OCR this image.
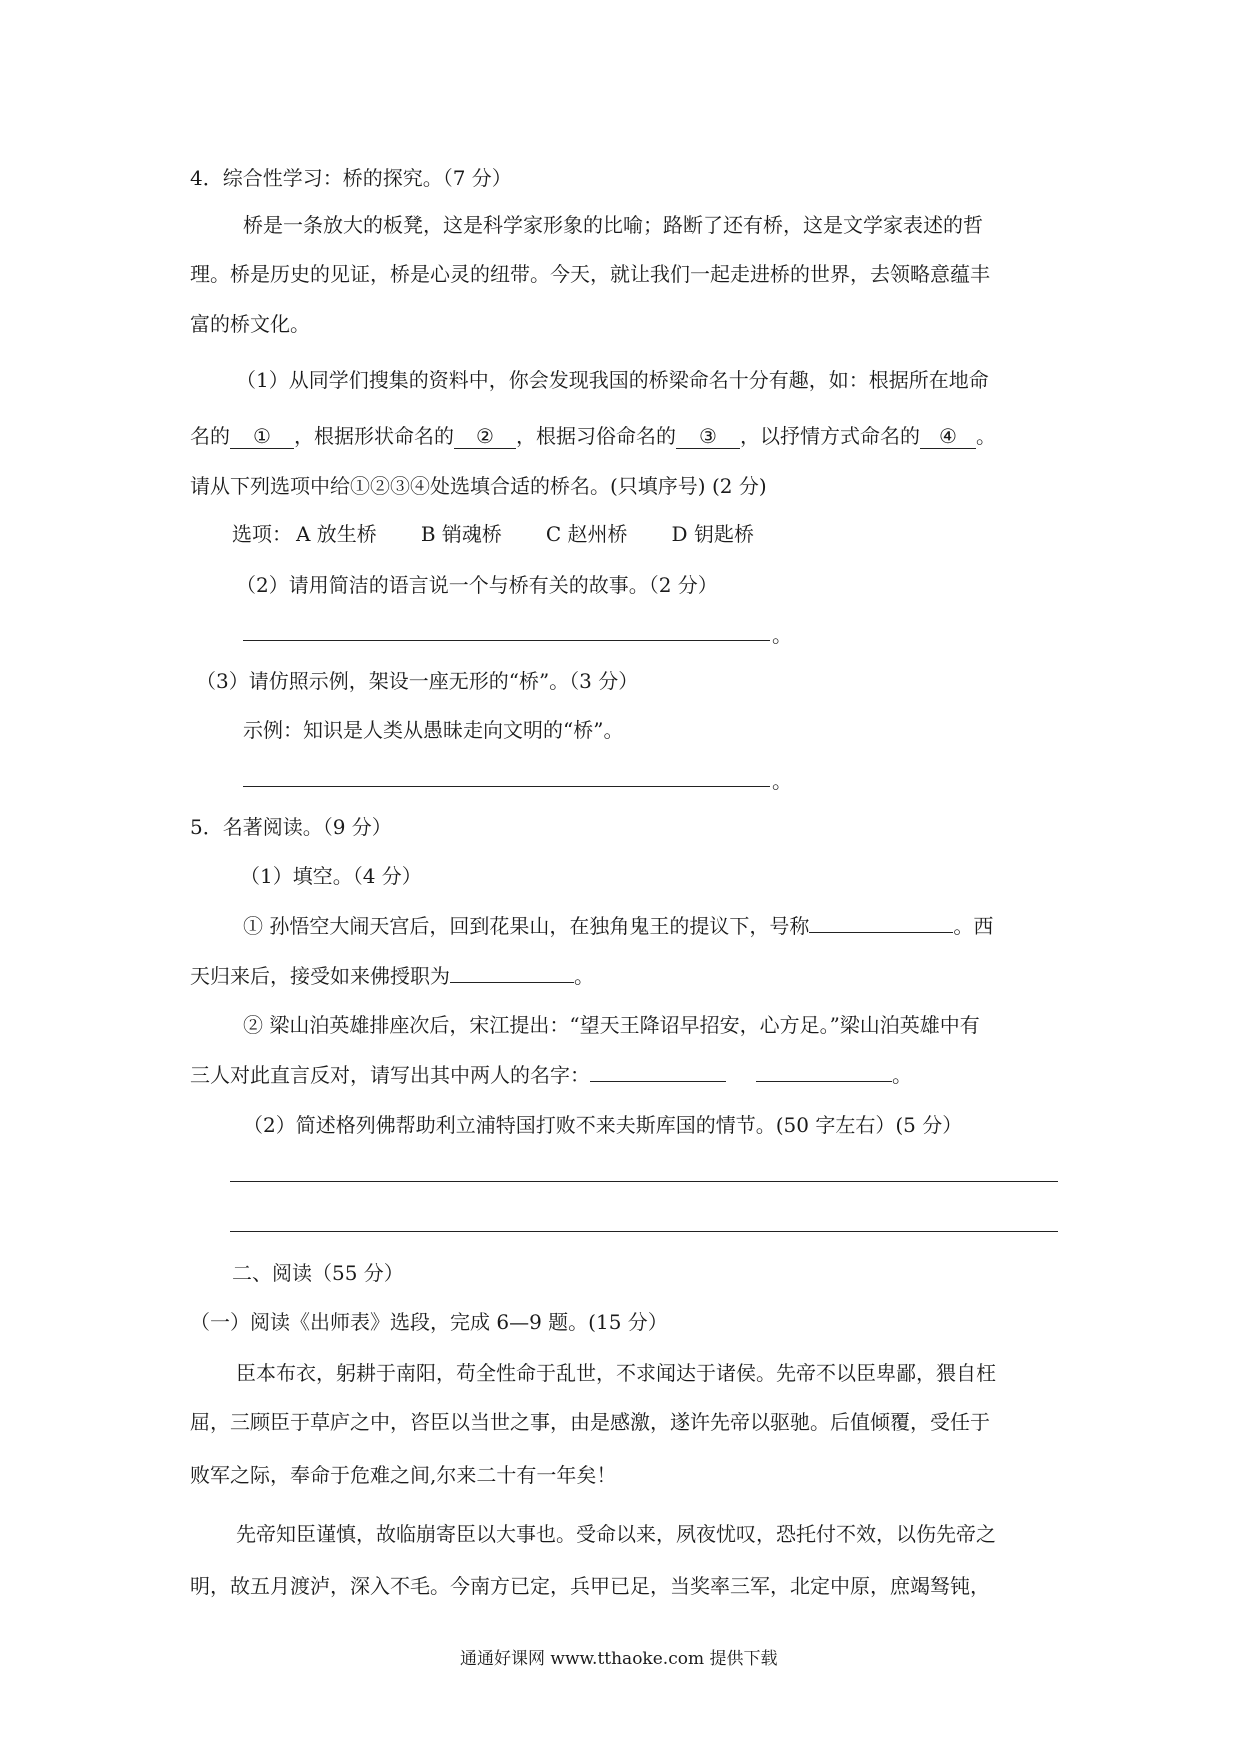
4．综合性学习：桥的探究。（7 分）
桥是一条放大的板凳，这是科学家形象的比喻；路断了还有桥，这是文学家表述的哲
理。桥是历史的见证，桥是心灵的纽带。今天，就让我们一起走进桥的世界，去领略意蕴丰
富的桥文化。
（1）从同学们搜集的资料中，你会发现我国的桥梁命名十分有趣，如：根据所在地命
名的 ① ，根据形状命名的 ② ，根据习俗命名的 ③ ，以抒情方式命名的 ④ 。
请从下列选项中给①②③④处选填合适的桥名。(只填序号) (2 分)
选项： A 放生桥 B 销魂桥 C 赵州桥 D 钥匙桥
（2）请用简洁的语言说一个与桥有关的故事。（2 分）
。
（3）请仿照示例，架设一座无形的“桥”。（3 分）
示例：知识是人类从愚昧走向文明的“桥”。
。
5．名著阅读。（9 分）
（1）填空。（4 分）
① 孙悟空大闹天宫后，回到花果山，在独角鬼王的提议下，号称	。西
天归来后，接受如来佛授职为	。
② 梁山泊英雄排座次后，宋江提出：“望天王降诏早招安，心方足。”梁山泊英雄中有
三人对此直言反对，请写出其中两人的名字：	。
（2）简述格列佛帮助利立浦特国打败不来夫斯库国的情节。(50 字左右）(5 分）
二、阅读（55 分）
（一）阅读《出师表》选段，完成 6—9 题。(15 分）
臣本布衣，躬耕于南阳，苟全性命于乱世，不求闻达于诸侯。先帝不以臣卑鄙，猥自枉
屈，三顾臣于草庐之中，咨臣以当世之事，由是感激，遂许先帝以驱驰。后值倾覆，受任于
败军之际，奉命于危难之间,尔来二十有一年矣！
先帝知臣谨慎，故临崩寄臣以大事也。受命以来，夙夜忧叹，恐托付不效，以伤先帝之
明，故五月渡泸，深入不毛。今南方已定，兵甲已足，当奖率三军，北定中原，庶竭驽钝，
通通好课网 www.tthaoke.com 提供下载
